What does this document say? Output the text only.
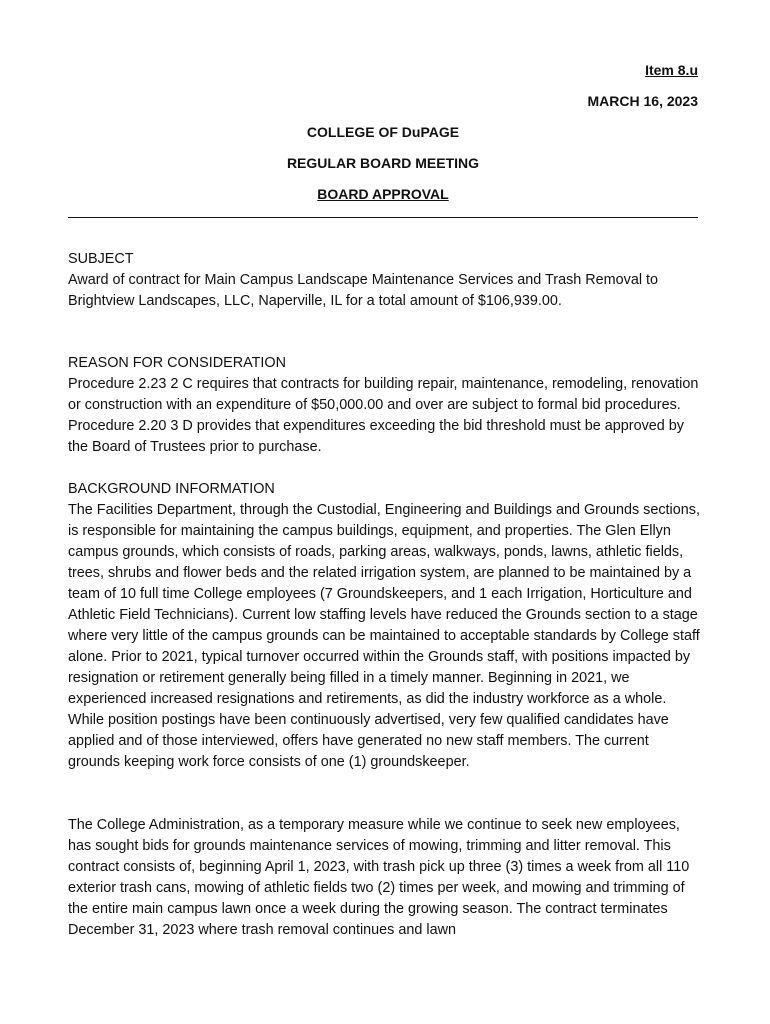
Item 8.u
MARCH 16, 2023
COLLEGE OF DuPAGE
REGULAR BOARD MEETING
BOARD APPROVAL
SUBJECT

Award of contract for Main Campus Landscape Maintenance Services and Trash Removal to Brightview Landscapes, LLC, Naperville, IL for a total amount of $106,939.00.

REASON FOR CONSIDERATION

Procedure 2.23 2 C requires that contracts for building repair, maintenance, remodeling, renovation or construction with an expenditure of $50,000.00 and over are subject to formal bid procedures. Procedure 2.20 3 D provides that expenditures exceeding the bid threshold must be approved by the Board of Trustees prior to purchase.

BACKGROUND INFORMATION

The Facilities Department, through the Custodial, Engineering and Buildings and Grounds sections, is responsible for maintaining the campus buildings, equipment, and properties. The Glen Ellyn campus grounds, which consists of roads, parking areas, walkways, ponds, lawns, athletic fields, trees, shrubs and flower beds and the related irrigation system, are planned to be maintained by a team of 10 full time College employees (7 Groundskeepers, and 1 each Irrigation, Horticulture and Athletic Field Technicians). Current low staffing levels have reduced the Grounds section to a stage where very little of the campus grounds can be maintained to acceptable standards by College staff alone. Prior to 2021, typical turnover occurred within the Grounds staff, with positions impacted by resignation or retirement generally being filled in a timely manner. Beginning in 2021, we experienced increased resignations and retirements, as did the industry workforce as a whole. While position postings have been continuously advertised, very few qualified candidates have applied and of those interviewed, offers have generated no new staff members. The current grounds keeping work force consists of one (1) groundskeeper.

The College Administration, as a temporary measure while we continue to seek new employees, has sought bids for grounds maintenance services of mowing, trimming and litter removal. This contract consists of, beginning April 1, 2023, with trash pick up three (3) times a week from all 110 exterior trash cans, mowing of athletic fields two (2) times per week, and mowing and trimming of the entire main campus lawn once a week during the growing season. The contract terminates December 31, 2023 where trash removal continues and lawn
